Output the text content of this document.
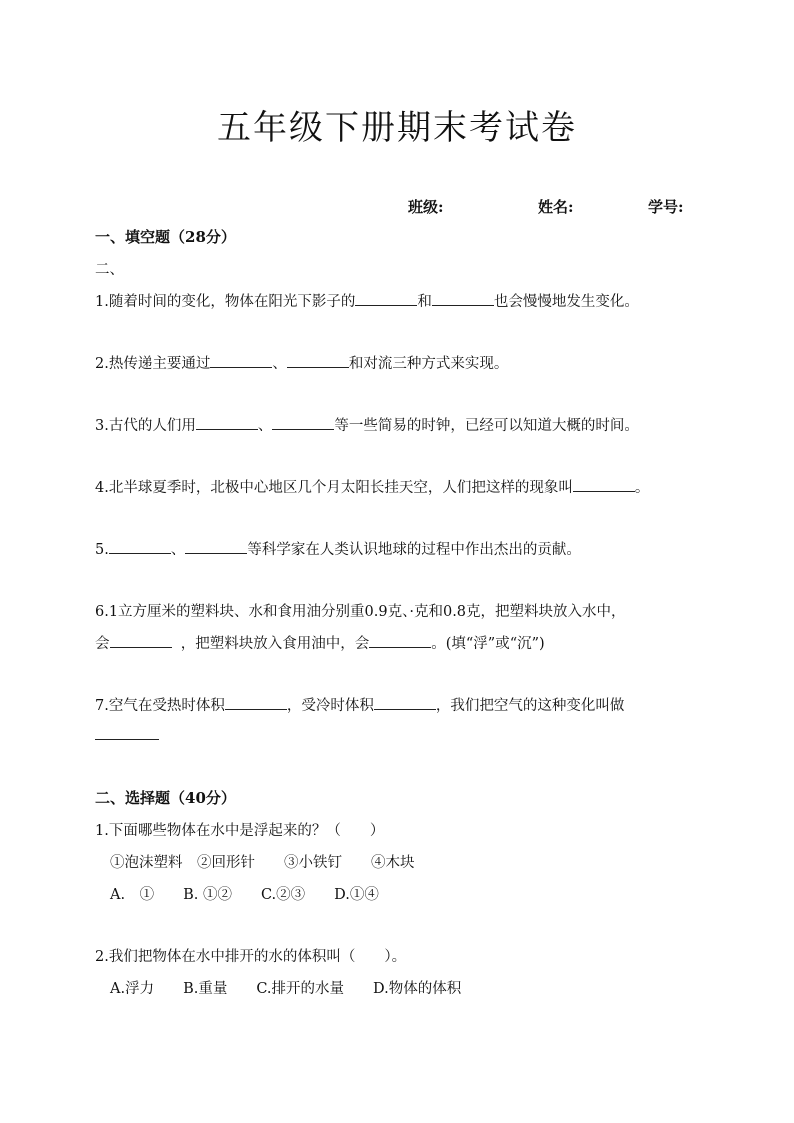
五年级下册期末考试卷
班级:	姓名:	学号:
一、填空题（28分）
二、
1.随着时间的变化，物体在阳光下影子的	和	也会慢慢地发生变化。
2.热传递主要通过	、	和对流三种方式来实现。
3.古代的人们用	、	等一些简易的时钟，已经可以知道大概的时间。
4.北半球夏季时，北极中心地区几个月太阳长挂天空，人们把这样的现象叫	。
5.	、	等科学家在人类认识地球的过程中作出杰出的贡献。
6.1立方厘米的塑料块、水和食用油分别重0.9克、·克和0.8克，把塑料块放入水中，
会	，把塑料块放入食用油中，会	。(填“浮”或“沉”)
7.空气在受热时体积	，受冷时体积	，我们把空气的这种变化叫做
二、选择题（40分）
1.下面哪些物体在水中是浮起来的？（　　）
①泡沫塑料　②回形针　　③小铁钉　　④木块
A.　①　　B. ①②　　C.②③　　D.①④
2.我们把物体在水中排开的水的体积叫（　　）。
A.浮力　　B.重量　　C.排开的水量　　D.物体的体积
